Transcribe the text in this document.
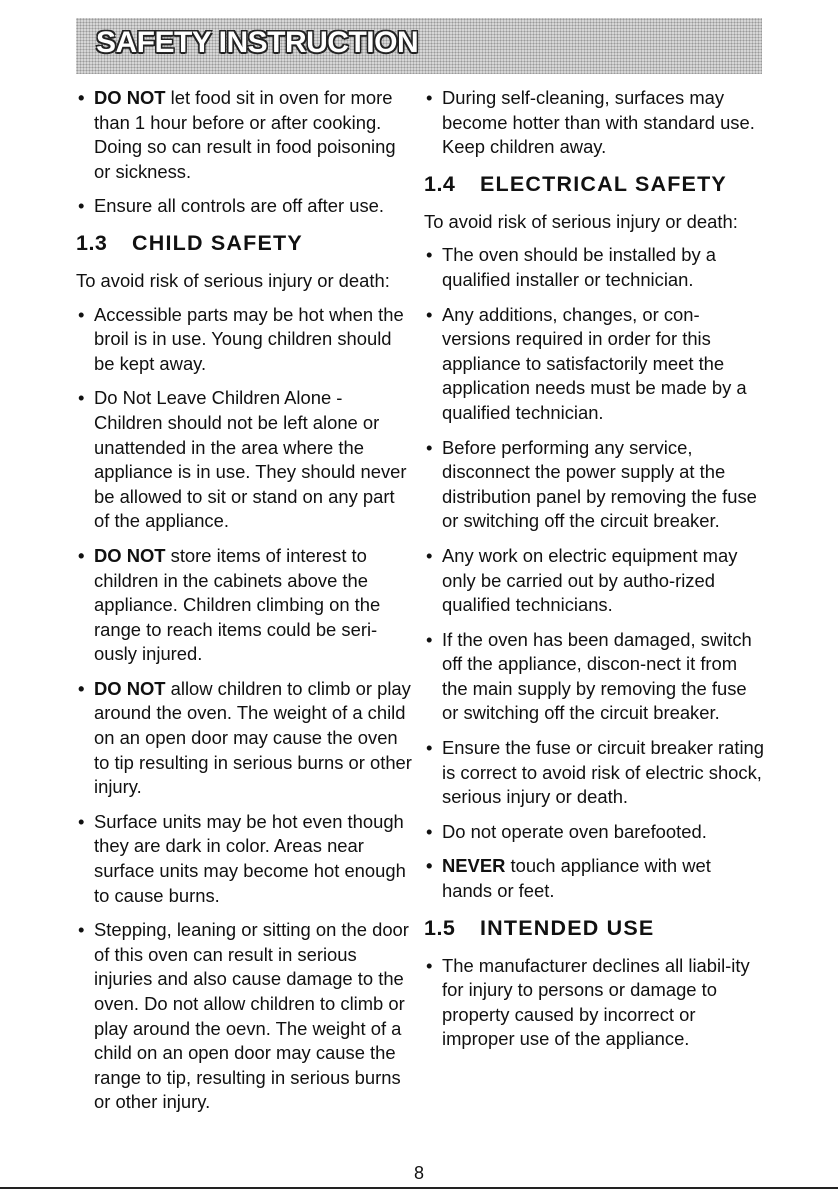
SAFETY INSTRUCTION
• DO NOT let food sit in oven for more than 1 hour before or after cooking. Doing so can result in food poisoning or sickness.
• Ensure all controls are off after use.
1.3 CHILD SAFETY

To avoid risk of serious injury or death:

• Accessible parts may be hot when the broil is in use. Young children should be kept away.
• Do Not Leave Children Alone - Children should not be left alone or unattended in the area where the appliance is in use. They should never be allowed to sit or stand on any part of the appliance.
• DO NOT store items of interest to children in the cabinets above the appliance. Children climbing on the range to reach items could be seri-ously injured.
• DO NOT allow children to climb or play around the oven. The weight of a child on an open door may cause the oven to tip resulting in serious burns or other injury.
• Surface units may be hot even though they are dark in color. Areas near surface units may become hot enough to cause burns.
• Stepping, leaning or sitting on the door of this oven can result in serious injuries and also cause damage to the oven. Do not allow children to climb or play around the oevn. The weight of a child on an open door may cause the range to tip, resulting in serious burns or other injury.
• During self-cleaning, surfaces may become hotter than with standard use. Keep children away.
1.4 ELECTRICAL SAFETY

To avoid risk of serious injury or death:

• The oven should be installed by a qualified installer or technician.
• Any additions, changes, or con-versions required in order for this appliance to satisfactorily meet the application needs must be made by a qualified technician.
• Before performing any service, disconnect the power supply at the distribution panel by removing the fuse or switching off the circuit breaker.
• Any work on electric equipment may only be carried out by autho-rized qualified technicians.
• If the oven has been damaged, switch off the appliance, discon-nect it from the main supply by removing the fuse or switching off the circuit breaker.
• Ensure the fuse or circuit breaker rating is correct to avoid risk of electric shock, serious injury or death.
• Do not operate oven barefooted.
• NEVER touch appliance with wet hands or feet.
1.5 INTENDED USE
• The manufacturer declines all liabil-ity for injury to persons or damage to property caused by incorrect or improper use of the appliance.
8
